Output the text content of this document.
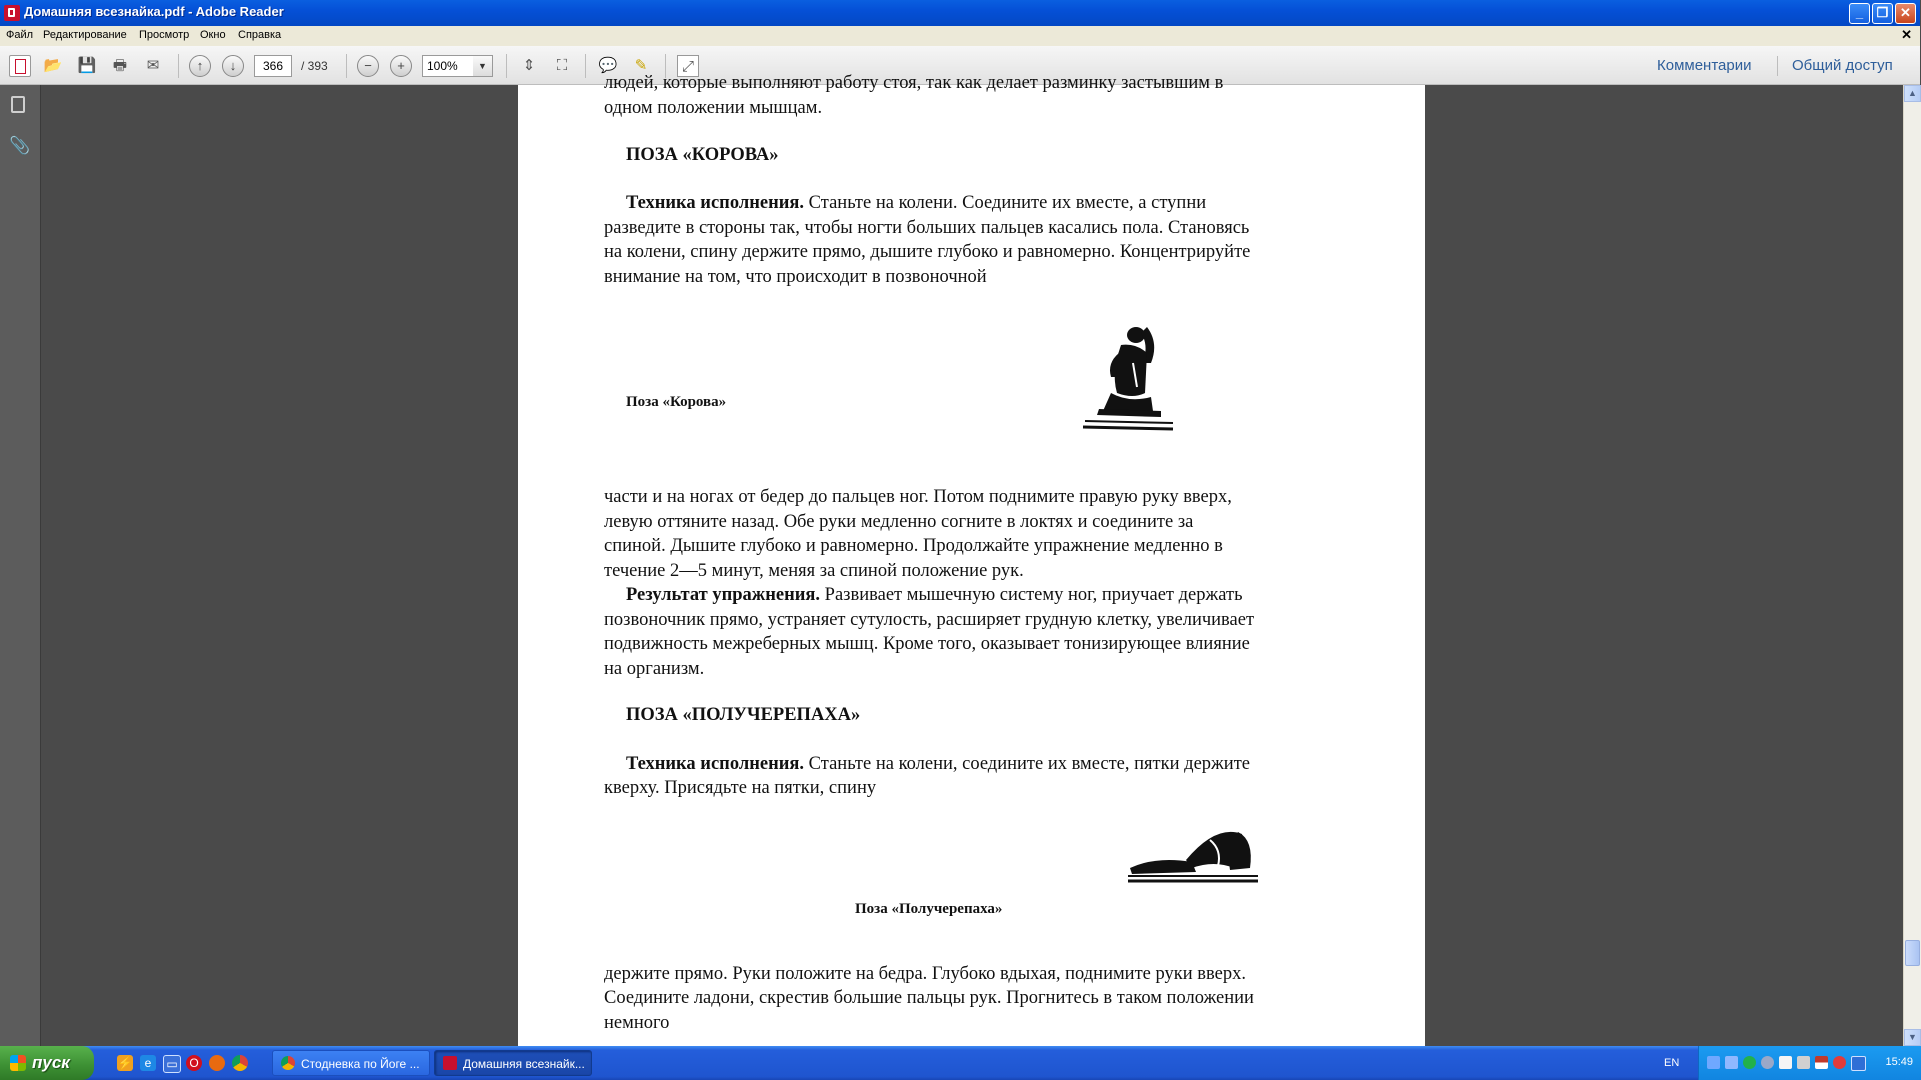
Домашняя всезнайка.pdf - Adobe Reader	_	❐ ✕
Файл Редактирование Просмотр Окно Справка	✕
📂 💾 🖶	✉	↑	↓	366	/ 393	−	+	100%	▼	⇕	⛶	💬	✎	⤢	Комментарии	Общий доступ
📎
людей, которые выполняют работу стоя, так как делает разминку застывшим в
одном положении мышцам.
ПОЗА «КОРОВА»
Техника исполнения. Станьте на колени. Соедините их вместе, а ступни
разведите в стороны так, чтобы ногти больших пальцев касались пола. Становясь
на колени, спину держите прямо, дышите глубоко и равномерно. Концентрируйте
внимание на том, что происходит в позвоночной
Поза «Корова»
части и на ногах от бедер до пальцев ног. Потом поднимите правую руку вверх,
левую оттяните назад. Обе руки медленно согните в локтях и соедините за
спиной. Дышите глубоко и равномерно. Продолжайте упражнение медленно в
течение 2—5 минут, меняя за спиной положение рук.
Результат упражнения. Развивает мышечную систему ног, приучает держать
позвоночник прямо, устраняет сутулость, расширяет грудную клетку, увеличивает
подвижность межреберных мышц. Кроме того, оказывает тонизирующее влияние
на организм.
ПОЗА «ПОЛУЧЕРЕПАХА»
Техника исполнения. Станьте на колени, соедините их вместе, пятки держите
кверху. Присядьте на пятки, спину
Поза «Получерепаха»
держите прямо. Руки положите на бедра. Глубоко вдыхая, поднимите руки вверх.
Соедините ладони, скрестив большие пальцы рук. Прогнитесь в таком положении
немного
▲
▼
пуск	⚡	e	▭ O	Стодневка по Йоге ...	Домашняя всезнайк...	EN	15:49
